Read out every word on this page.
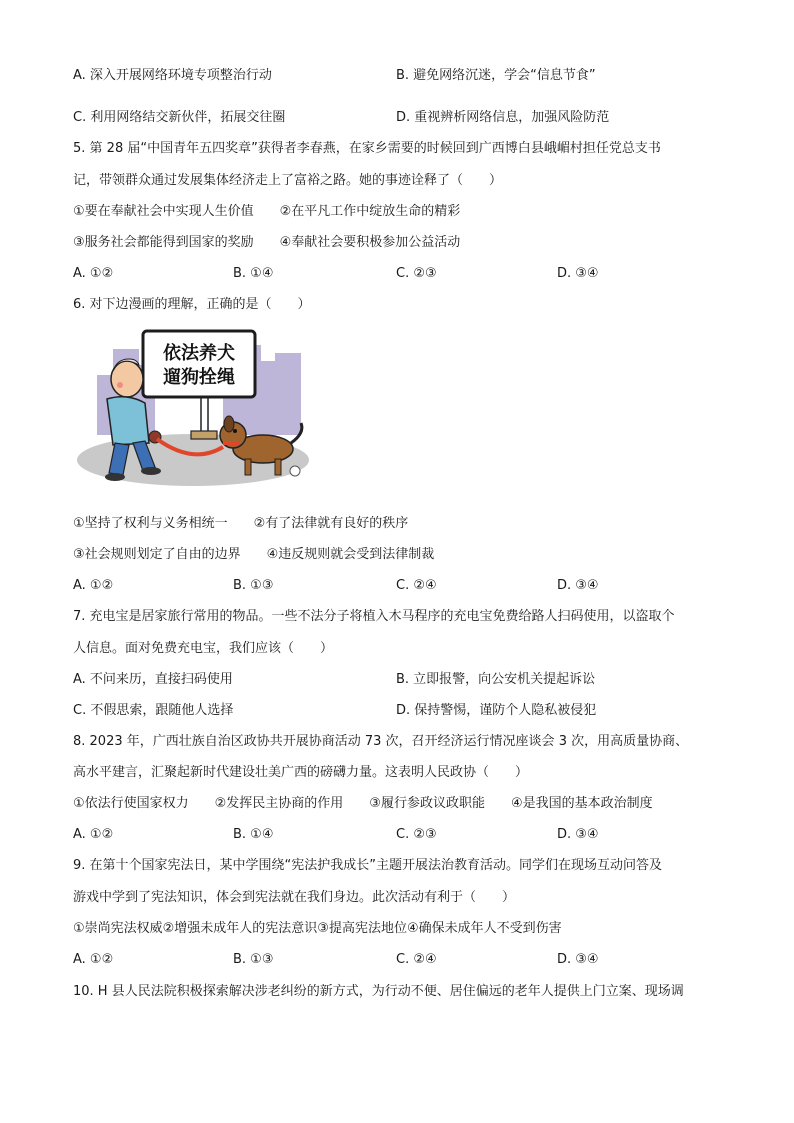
A. 深入开展网络环境专项整治行动	B. 避免网络沉迷，学会“信息节食”
C. 利用网络结交新伙伴，拓展交往圈	D. 重视辨析网络信息，加强风险防范
5. 第 28 届“中国青年五四奖章”获得者李春燕，在家乡需要的时候回到广西博白县峨嵋村担任党总支书
记，带领群众通过发展集体经济走上了富裕之路。她的事迹诠释了（　　）
①要在奉献社会中实现人生价值　　②在平凡工作中绽放生命的精彩
③服务社会都能得到国家的奖励　　④奉献社会要积极参加公益活动
A. ①②	B. ①④	C. ②③	D. ③④
6. 对下边漫画的理解，正确的是（　　）
依法养犬
遛狗拴绳
①坚持了权利与义务相统一　　②有了法律就有良好的秩序
③社会规则划定了自由的边界　　④违反规则就会受到法律制裁
A. ①②	B. ①③	C. ②④	D. ③④
7. 充电宝是居家旅行常用的物品。一些不法分子将植入木马程序的充电宝免费给路人扫码使用，以盗取个
人信息。面对免费充电宝，我们应该（　　）
A. 不问来历，直接扫码使用	B. 立即报警，向公安机关提起诉讼
C. 不假思索，跟随他人选择	D. 保持警惕，谨防个人隐私被侵犯
8. 2023 年，广西壮族自治区政协共开展协商活动 73 次，召开经济运行情况座谈会 3 次，用高质量协商、
高水平建言，汇聚起新时代建设壮美广西的磅礴力量。这表明人民政协（　　）
①依法行使国家权力　　②发挥民主协商的作用　　③履行参政议政职能　　④是我国的基本政治制度
A. ①②	B. ①④	C. ②③	D. ③④
9. 在第十个国家宪法日，某中学围绕“宪法护我成长”主题开展法治教育活动。同学们在现场互动问答及
游戏中学到了宪法知识，体会到宪法就在我们身边。此次活动有利于（　　）
①崇尚宪法权威②增强未成年人的宪法意识③提高宪法地位④确保未成年人不受到伤害
A. ①②	B. ①③	C. ②④	D. ③④
10. H 县人民法院积极探索解决涉老纠纷的新方式，为行动不便、居住偏远的老年人提供上门立案、现场调
